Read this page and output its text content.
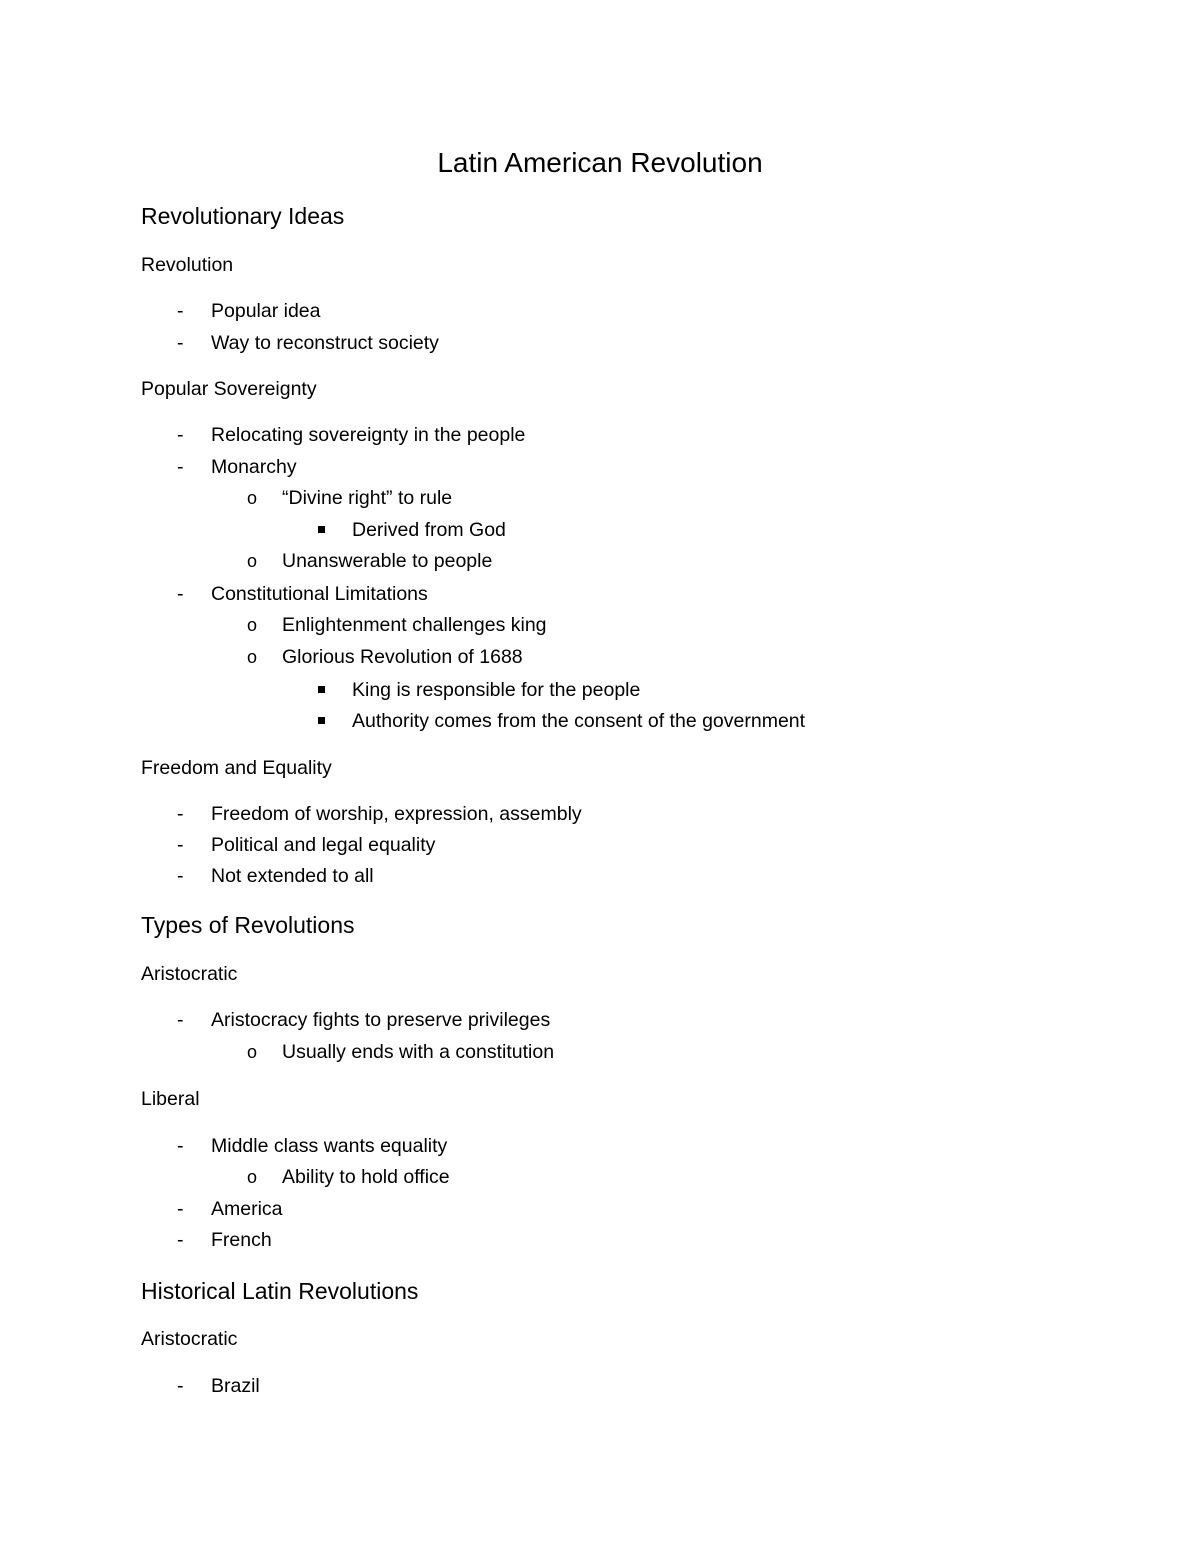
Latin American Revolution
Revolutionary Ideas
Revolution
- Popular idea
- Way to reconstruct society
Popular Sovereignty
- Relocating sovereignty in the people
- Monarchy
o “Divine right” to rule
Derived from God
o Unanswerable to people
- Constitutional Limitations
o Enlightenment challenges king
o Glorious Revolution of 1688
King is responsible for the people
Authority comes from the consent of the government
Freedom and Equality
- Freedom of worship, expression, assembly
- Political and legal equality
- Not extended to all
Types of Revolutions
Aristocratic
- Aristocracy fights to preserve privileges
o Usually ends with a constitution
Liberal
- Middle class wants equality
o Ability to hold office
- America
- French
Historical Latin Revolutions
Aristocratic
- Brazil
